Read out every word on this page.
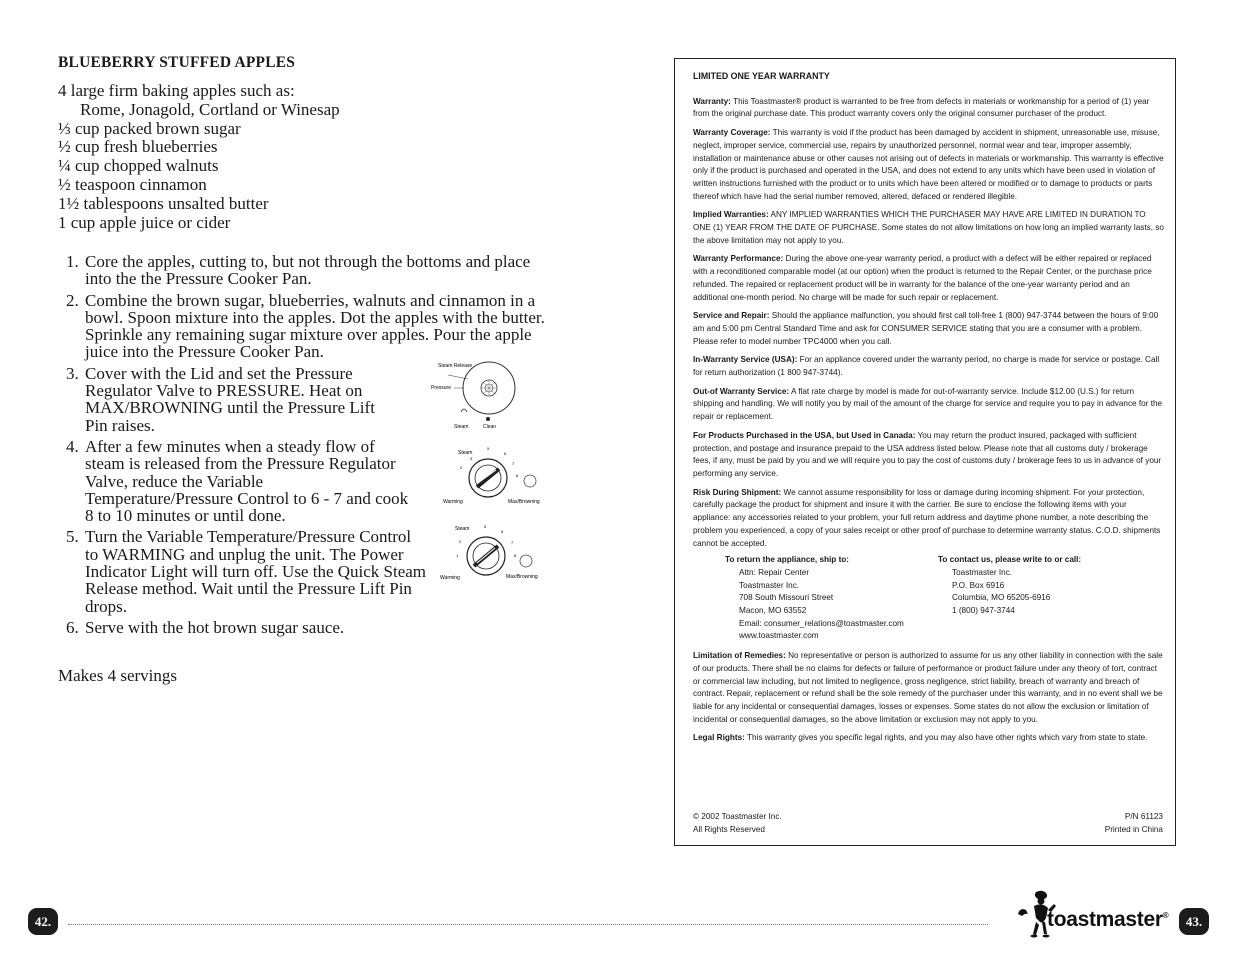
BLUEBERRY STUFFED APPLES
4 large firm baking apples such as:
Rome, Jonagold, Cortland or Winesap
⅓ cup packed brown sugar
½ cup fresh blueberries
¼ cup chopped walnuts
½ teaspoon cinnamon
1½ tablespoons unsalted butter
1 cup apple juice or cider
1. Core the apples, cutting to, but not through the bottoms and place into the the Pressure Cooker Pan.
2. Combine the brown sugar, blueberries, walnuts and cinnamon in a bowl. Spoon mixture into the apples. Dot the apples with the butter. Sprinkle any remaining sugar mixture over apples. Pour the apple juice into the Pressure Cooker Pan.
3. Cover with the Lid and set the Pressure Regulator Valve to PRESSURE. Heat on MAX/BROWNING until the Pressure Lift Pin raises.
4. After a few minutes when a steady flow of steam is released from the Pressure Regulator Valve, reduce the Variable Temperature/Pressure Control to 6 - 7 and cook 8 to 10 minutes or until done.
5. Turn the Variable Temperature/Pressure Control to WARMING and unplug the unit. The Power Indicator Light will turn off. Use the Quick Steam Release method. Wait until the Pressure Lift Pin drops.
6. Serve with the hot brown sugar sauce.
Makes 4 servings
Steam Release
Pressure
Steam	Clean
Steam
5
3
6
7
8
2
Warming	Max/Browning
Steam	5
2
6
7
8
1
Warming	Max/Browning
LIMITED ONE YEAR WARRANTY

Warranty: This Toastmaster® product is warranted to be free from defects in materials or workmanship for a period of (1) year from the original purchase date. This product warranty covers only the original consumer purchaser of the product.

Warranty Coverage: This warranty is void if the product has been damaged by accident in shipment, unreasonable use, misuse, neglect, improper service, commercial use, repairs by unauthorized personnel, normal wear and tear, improper assembly, installation or maintenance abuse or other causes not arising out of defects in materials or workmanship. This warranty is effective only if the product is purchased and operated in the USA, and does not extend to any units which have been used in violation of written instructions furnished with the product or to units which have been altered or modified or to damage to products or parts thereof which have had the serial number removed, altered, defaced or rendered illegible.

Implied Warranties: ANY IMPLIED WARRANTIES WHICH THE PURCHASER MAY HAVE ARE LIMITED IN DURATION TO ONE (1) YEAR FROM THE DATE OF PURCHASE. Some states do not allow limitations on how long an implied warranty lasts, so the above limitation may not apply to you.

Warranty Performance: During the above one-year warranty period, a product with a defect will be either repaired or replaced with a reconditioned comparable model (at our option) when the product is returned to the Repair Center, or the purchase price refunded. The repaired or replacement product will be in warranty for the balance of the one-year warranty period and an additional one-month period. No charge will be made for such repair or replacement.

Service and Repair: Should the appliance malfunction, you should first call toll-free 1 (800) 947-3744 between the hours of 9:00 am and 5:00 pm Central Standard Time and ask for CONSUMER SERVICE stating that you are a consumer with a problem. Please refer to model number TPC4000 when you call.

In-Warranty Service (USA): For an appliance covered under the warranty period, no charge is made for service or postage. Call for return authorization (1 800 947-3744).

Out-of Warranty Service: A flat rate charge by model is made for out-of-warranty service. Include $12.00 (U.S.) for return shipping and handling. We will notify you by mail of the amount of the charge for service and require you to pay in advance for the repair or replacement.

For Products Purchased in the USA, but Used in Canada: You may return the product insured, packaged with sufficient protection, and postage and insurance prepaid to the USA address listed below. Please note that all customs duty / brokerage fees, if any, must be paid by you and we will require you to pay the cost of customs duty / brokerage fees to us in advance of your performing any service.

Risk During Shipment: We cannot assume responsibility for loss or damage during incoming shipment. For your protection, carefully package the product for shipment and insure it with the carrier. Be sure to enclose the following items with your appliance: any accessories related to your problem, your full return address and daytime phone number, a note describing the problem you experienced, a copy of your sales receipt or other proof of purchase to determine warranty status. C.O.D. shipments cannot be accepted.

To return the appliance, ship to:
Attn: Repair Center
Toastmaster Inc.
708 South Missouri Street
Macon, MO 63552
Email: consumer_relations@toastmaster.com
www.toastmaster.com
To contact us, please write to or call:
Toastmaster Inc.
P.O. Box 6916
Columbia, MO 65205-6916
1 (800) 947-3744

Limitation of Remedies: No representative or person is authorized to assume for us any other liability in connection with the sale of our products. There shall be no claims for defects or failure of performance or product failure under any theory of tort, contract or commercial law including, but not limited to negligence, gross negligence, strict liability, breach of warranty and breach of contract. Repair, replacement or refund shall be the sole remedy of the purchaser under this warranty, and in no event shall we be liable for any incidental or consequential damages, losses or expenses. Some states do not allow the exclusion or limitation of incidental or consequential damages, so the above limitation or exclusion may not apply to you.

Legal Rights: This warranty gives you specific legal rights, and you may also have other rights which vary from state to state.

© 2002 Toastmaster Inc.
All Rights Reserved
P/N 61123
Printed in China
42.	toastmaster®	43.
